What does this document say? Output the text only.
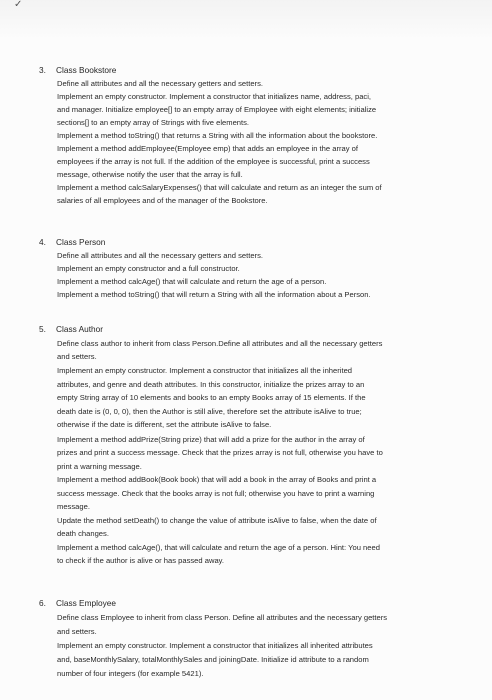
✓
3. Class Bookstore

Define all attributes and all the necessary getters and setters.

Implement an empty constructor. Implement a constructor that initializes name, address, paci,

and manager. Initialize employee[] to an empty array of Employee with eight elements; initialize

sections[] to an empty array of Strings with five elements.

Implement a method toString() that returns a String with all the information about the bookstore.

Implement a method addEmployee(Employee emp) that adds an employee in the array of

employees if the array is not full. If the addition of the employee is successful, print a success

message, otherwise notify the user that the array is full.

Implement a method calcSalaryExpenses() that will calculate and return as an integer the sum of

salaries of all employees and of the manager of the Bookstore.

4. Class Person

Define all attributes and all the necessary getters and setters.

Implement an empty constructor and a full constructor.

Implement a method calcAge() that will calculate and return the age of a person.

Implement a method toString() that will return a String with all the information about a Person.

5. Class Author

Define class author to inherit from class Person.Define all attributes and all the necessary getters

and setters.

Implement an empty constructor. Implement a constructor that initializes all the inherited

attributes, and genre and death attributes. In this constructor, initialize the prizes array to an

empty String array of 10 elements and books to an empty Books array of 15 elements. If the

death date is (0, 0, 0), then the Author is still alive, therefore set the attribute isAlive to true;

otherwise if the date is different, set the attribute isAlive to false.

Implement a method addPrize(String prize) that will add a prize for the author in the array of

prizes and print a success message. Check that the prizes array is not full, otherwise you have to

print a warning message.

Implement a method addBook(Book book) that will add a book in the array of Books and print a

success message. Check that the books array is not full; otherwise you have to print a warning

message.

Update the method setDeath() to change the value of attribute isAlive to false, when the date of

death changes.

Implement a method calcAge(), that will calculate and return the age of a person. Hint: You need

to check if the author is alive or has passed away.

6. Class Employee

Define class Employee to inherit from class Person. Define all attributes and the necessary getters

and setters.

Implement an empty constructor. Implement a constructor that initializes all inherited attributes

and, baseMonthlySalary, totalMonthlySales and joiningDate. Initialize id attribute to a random

number of four integers (for example 5421).
